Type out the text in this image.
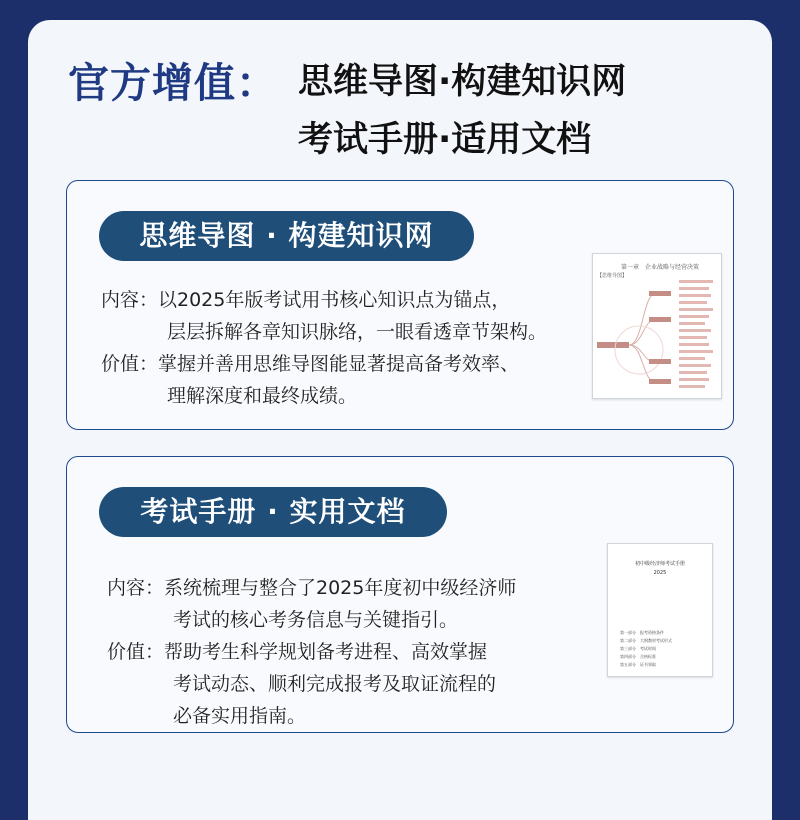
官方增值： 思维导图·构建知识网
考试手册·适用文档
思维导图 · 构建知识网
内容：以2025年版考试用书核心知识点为锚点，
层层拆解各章知识脉络，一眼看透章节架构。
价值：掌握并善用思维导图能显著提高备考效率、
理解深度和最终成绩。
第一章　企业战略与经营决策
【思维导图】
考试手册 · 实用文档
内容：系统梳理与整合了2025年度初中级经济师
考试的核心考务信息与关键指引。
价值：帮助考生科学规划备考进程、高效掌握
考试动态、顺利完成报考及取证流程的
必备实用指南。
初中级经济师考试手册
2025
第一部分　报考资格条件
第二部分　大纲教材考试形式
第三部分　考试时间
第四部分　合格标准
第五部分　证书领取
